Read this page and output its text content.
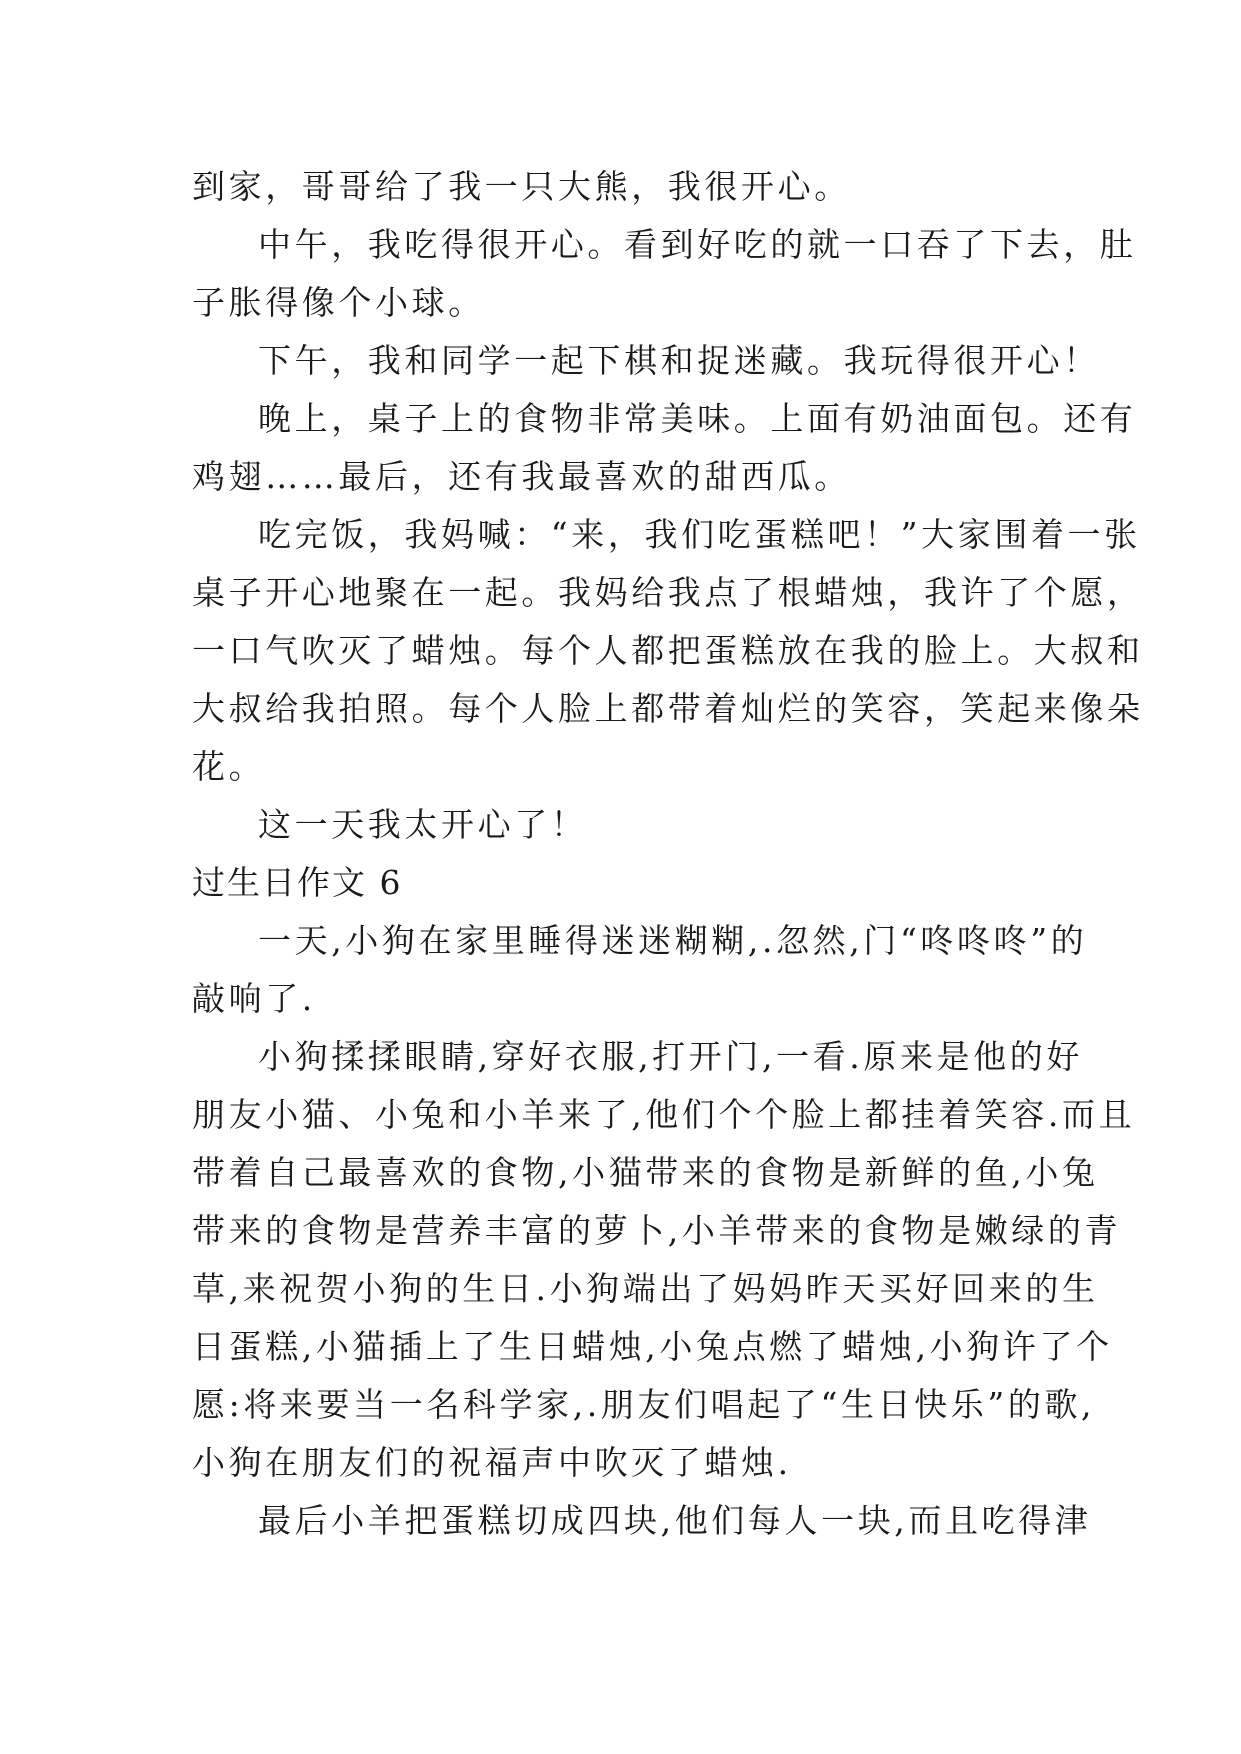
到家，哥哥给了我一只大熊，我很开心。
中午，我吃得很开心。看到好吃的就一口吞了下去，肚
子胀得像个小球。
下午，我和同学一起下棋和捉迷藏。我玩得很开心！
晚上，桌子上的食物非常美味。上面有奶油面包。还有
鸡翅……最后，还有我最喜欢的甜西瓜。
吃完饭，我妈喊：“来，我们吃蛋糕吧！”大家围着一张
桌子开心地聚在一起。我妈给我点了根蜡烛，我许了个愿，
一口气吹灭了蜡烛。每个人都把蛋糕放在我的脸上。大叔和
大叔给我拍照。每个人脸上都带着灿烂的笑容，笑起来像朵
花。
这一天我太开心了！
过生日作文 6
一天,小狗在家里睡得迷迷糊糊,.忽然,门“咚咚咚”的
敲响了.
小狗揉揉眼睛,穿好衣服,打开门,一看.原来是他的好
朋友小猫、小兔和小羊来了,他们个个脸上都挂着笑容.而且
带着自己最喜欢的食物,小猫带来的食物是新鲜的鱼,小兔
带来的食物是营养丰富的萝卜,小羊带来的食物是嫩绿的青
草,来祝贺小狗的生日.小狗端出了妈妈昨天买好回来的生
日蛋糕,小猫插上了生日蜡烛,小兔点燃了蜡烛,小狗许了个
愿:将来要当一名科学家,.朋友们唱起了“生日快乐”的歌,
小狗在朋友们的祝福声中吹灭了蜡烛.
最后小羊把蛋糕切成四块,他们每人一块,而且吃得津
